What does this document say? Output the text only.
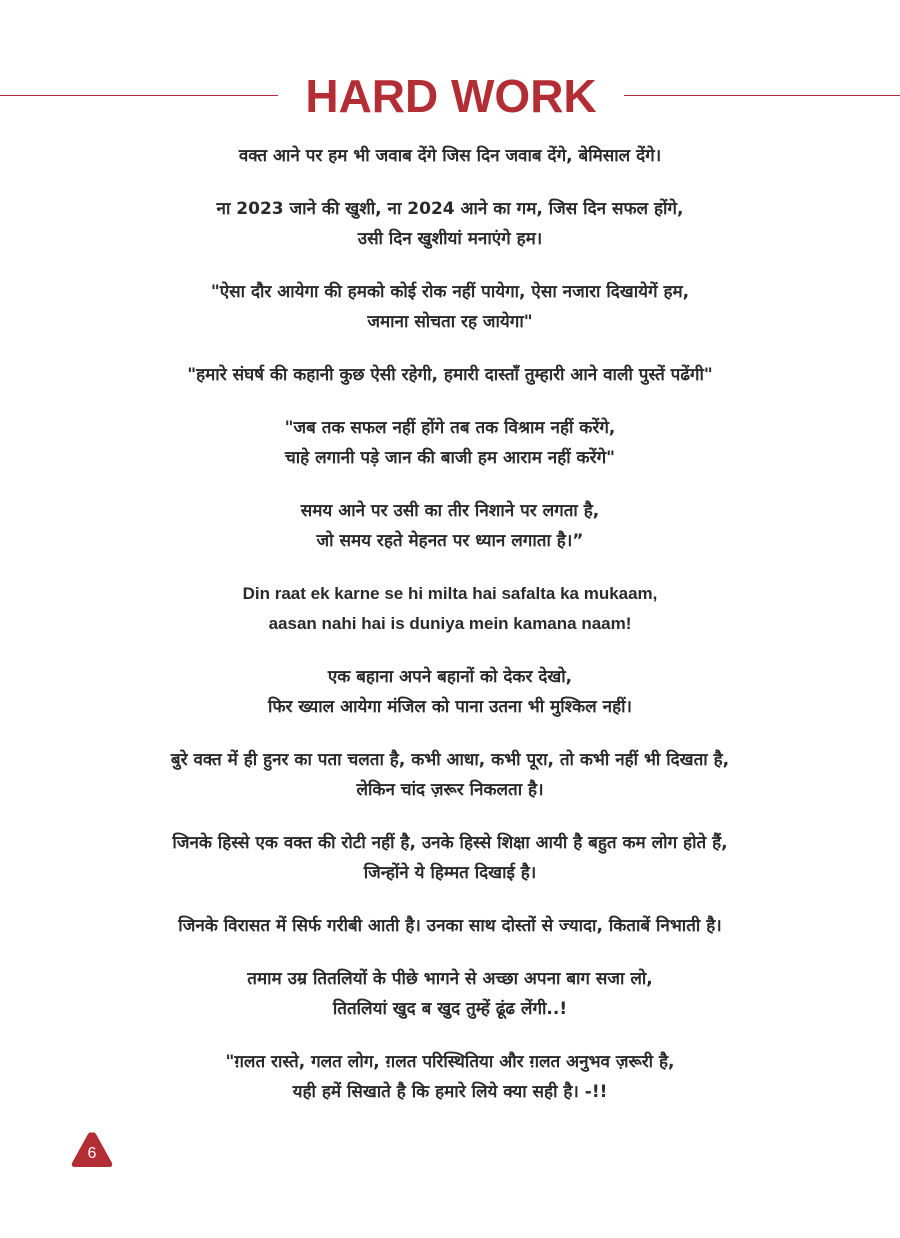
HARD WORK
वक्त आने पर हम भी जवाब देंगे जिस दिन जवाब देंगे, बेमिसाल देंगे।
ना 2023 जाने की खुशी, ना 2024 आने का गम, जिस दिन सफल होंगे,
उसी दिन खुशीयां मनाएंगे हम।
"ऐसा दौर आयेगा की हमको कोई रोक नहीं पायेगा, ऐसा नजारा दिखायेगें हम,
जमाना सोचता रह जायेगा"
"हमारे संघर्ष की कहानी कुछ ऐसी रहेगी, हमारी दास्ताँ तुम्हारी आने वाली पुस्तें पढेंगी"
"जब तक सफल नहीं होंगे तब तक विश्राम नहीं करेंगे,
चाहे लगानी पड़े जान की बाजी हम आराम नहीं करेंगे"
समय आने पर उसी का तीर निशाने पर लगता है,
जो समय रहते मेहनत पर ध्यान लगाता है।”
Din raat ek karne se hi milta hai safalta ka mukaam,
aasan nahi hai is duniya mein kamana naam!
एक बहाना अपने बहानों को देकर देखो,
फिर ख्याल आयेगा मंजिल को पाना उतना भी मुश्किल नहीं।
बुरे वक्त में ही हुनर का पता चलता है, कभी आधा, कभी पूरा, तो कभी नहीं भी दिखता है,
लेकिन चांद ज़रूर निकलता है।
जिनके हिस्से एक वक्त की रोटी नहीं है, उनके हिस्से शिक्षा आयी है बहुत कम लोग होते हैं,
जिन्होंने ये हिम्मत दिखाई है।
जिनके विरासत में सिर्फ गरीबी आती है। उनका साथ दोस्तों से ज्यादा, किताबें निभाती है।
तमाम उम्र तितलियों के पीछे भागने से अच्छा अपना बाग सजा लो,
तितलियां खुद ब खुद तुम्हें ढूंढ लेंगी..!
"ग़लत रास्ते, गलत लोग, ग़लत परिस्थितिया और ग़लत अनुभव ज़रूरी है,
यही हमें सिखाते है कि हमारे लिये क्या सही है। -!!
6
